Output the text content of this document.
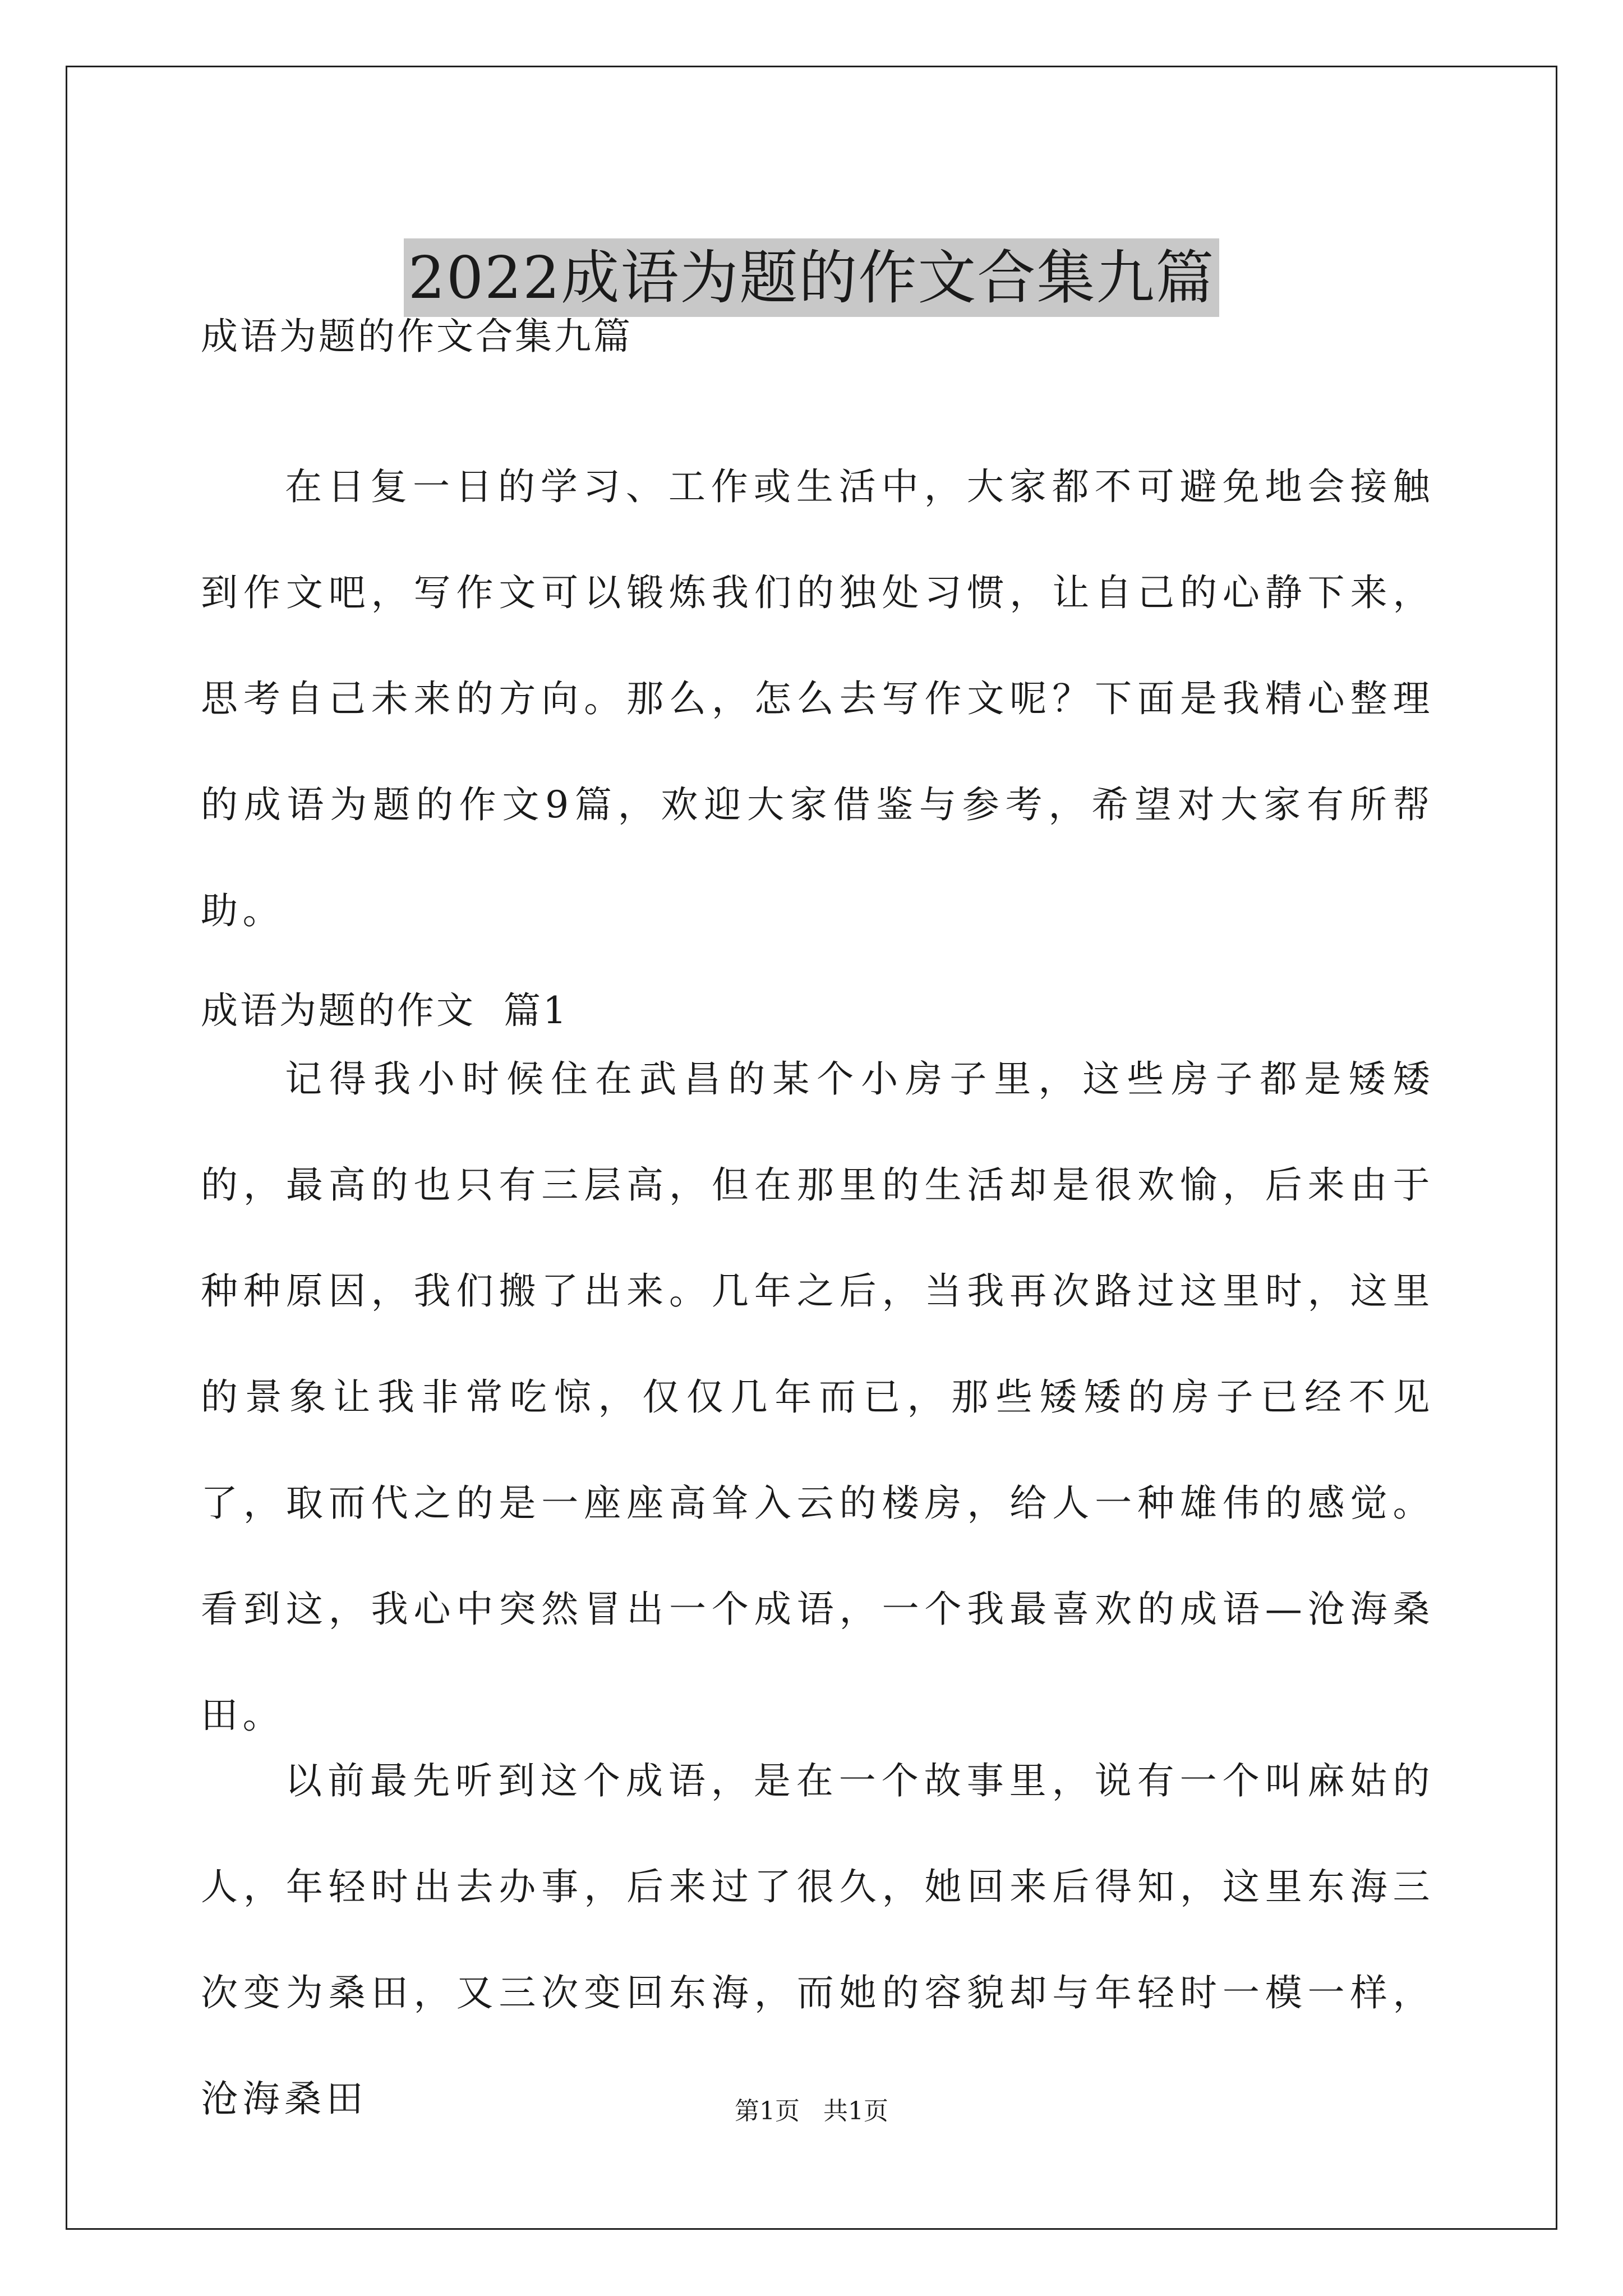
2022成语为题的作文合集九篇
成语为题的作文合集九篇

在日复一日的学习、工作或生活中，大家都不可避免地会接触到作文吧，写作文可以锻炼我们的独处习惯，让自己的心静下来，思考自己未来的方向。那么，怎么去写作文呢？下面是我精心整理的成语为题的作文9篇，欢迎大家借鉴与参考，希望对大家有所帮助。

成语为题的作文  篇1

记得我小时候住在武昌的某个小房子里，这些房子都是矮矮的，最高的也只有三层高，但在那里的生活却是很欢愉，后来由于种种原因，我们搬了出来。几年之后，当我再次路过这里时，这里的景象让我非常吃惊，仅仅几年而已，那些矮矮的房子已经不见了，取而代之的是一座座高耸入云的楼房，给人一种雄伟的感觉。看到这，我心中突然冒出一个成语，一个我最喜欢的成语—沧海桑田。

以前最先听到这个成语，是在一个故事里，说有一个叫麻姑的人，年轻时出去办事，后来过了很久，她回来后得知，这里东海三次变为桑田，又三次变回东海，而她的容貌却与年轻时一模一样，沧海桑田	第1页   共1页
